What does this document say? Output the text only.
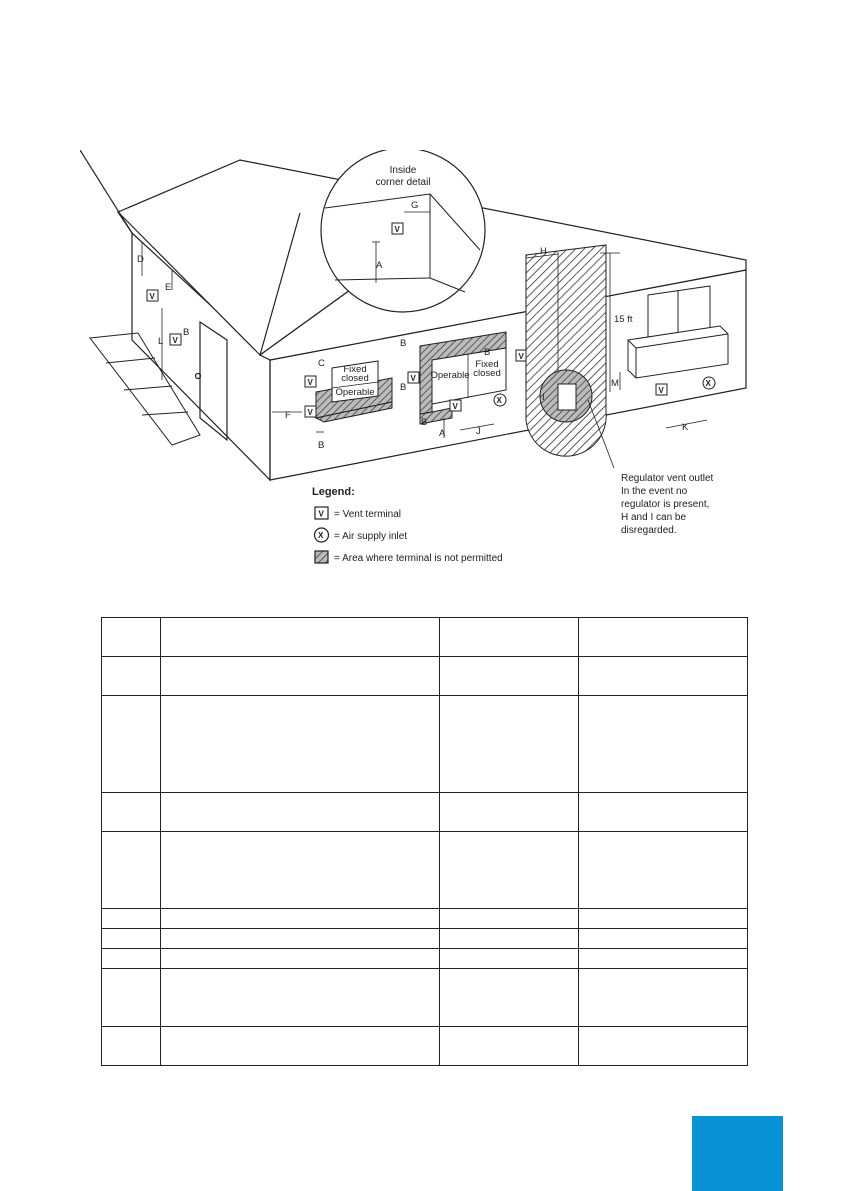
V
A
G
Inside
corner detail
D
E
V
L V
B
Fixed
closed
Operable
V
V
F
C
B
Operable
Fixed
closed
B
B
B
V
V
V
B
A	J
X
H
I
15 ft
M
V
X
K
Regulator vent outlet
In the event no
regulator is present,
H and I can be
disregarded.
Legend:
V = Vent terminal
X = Air supply inlet
= Area where terminal is not permitted
